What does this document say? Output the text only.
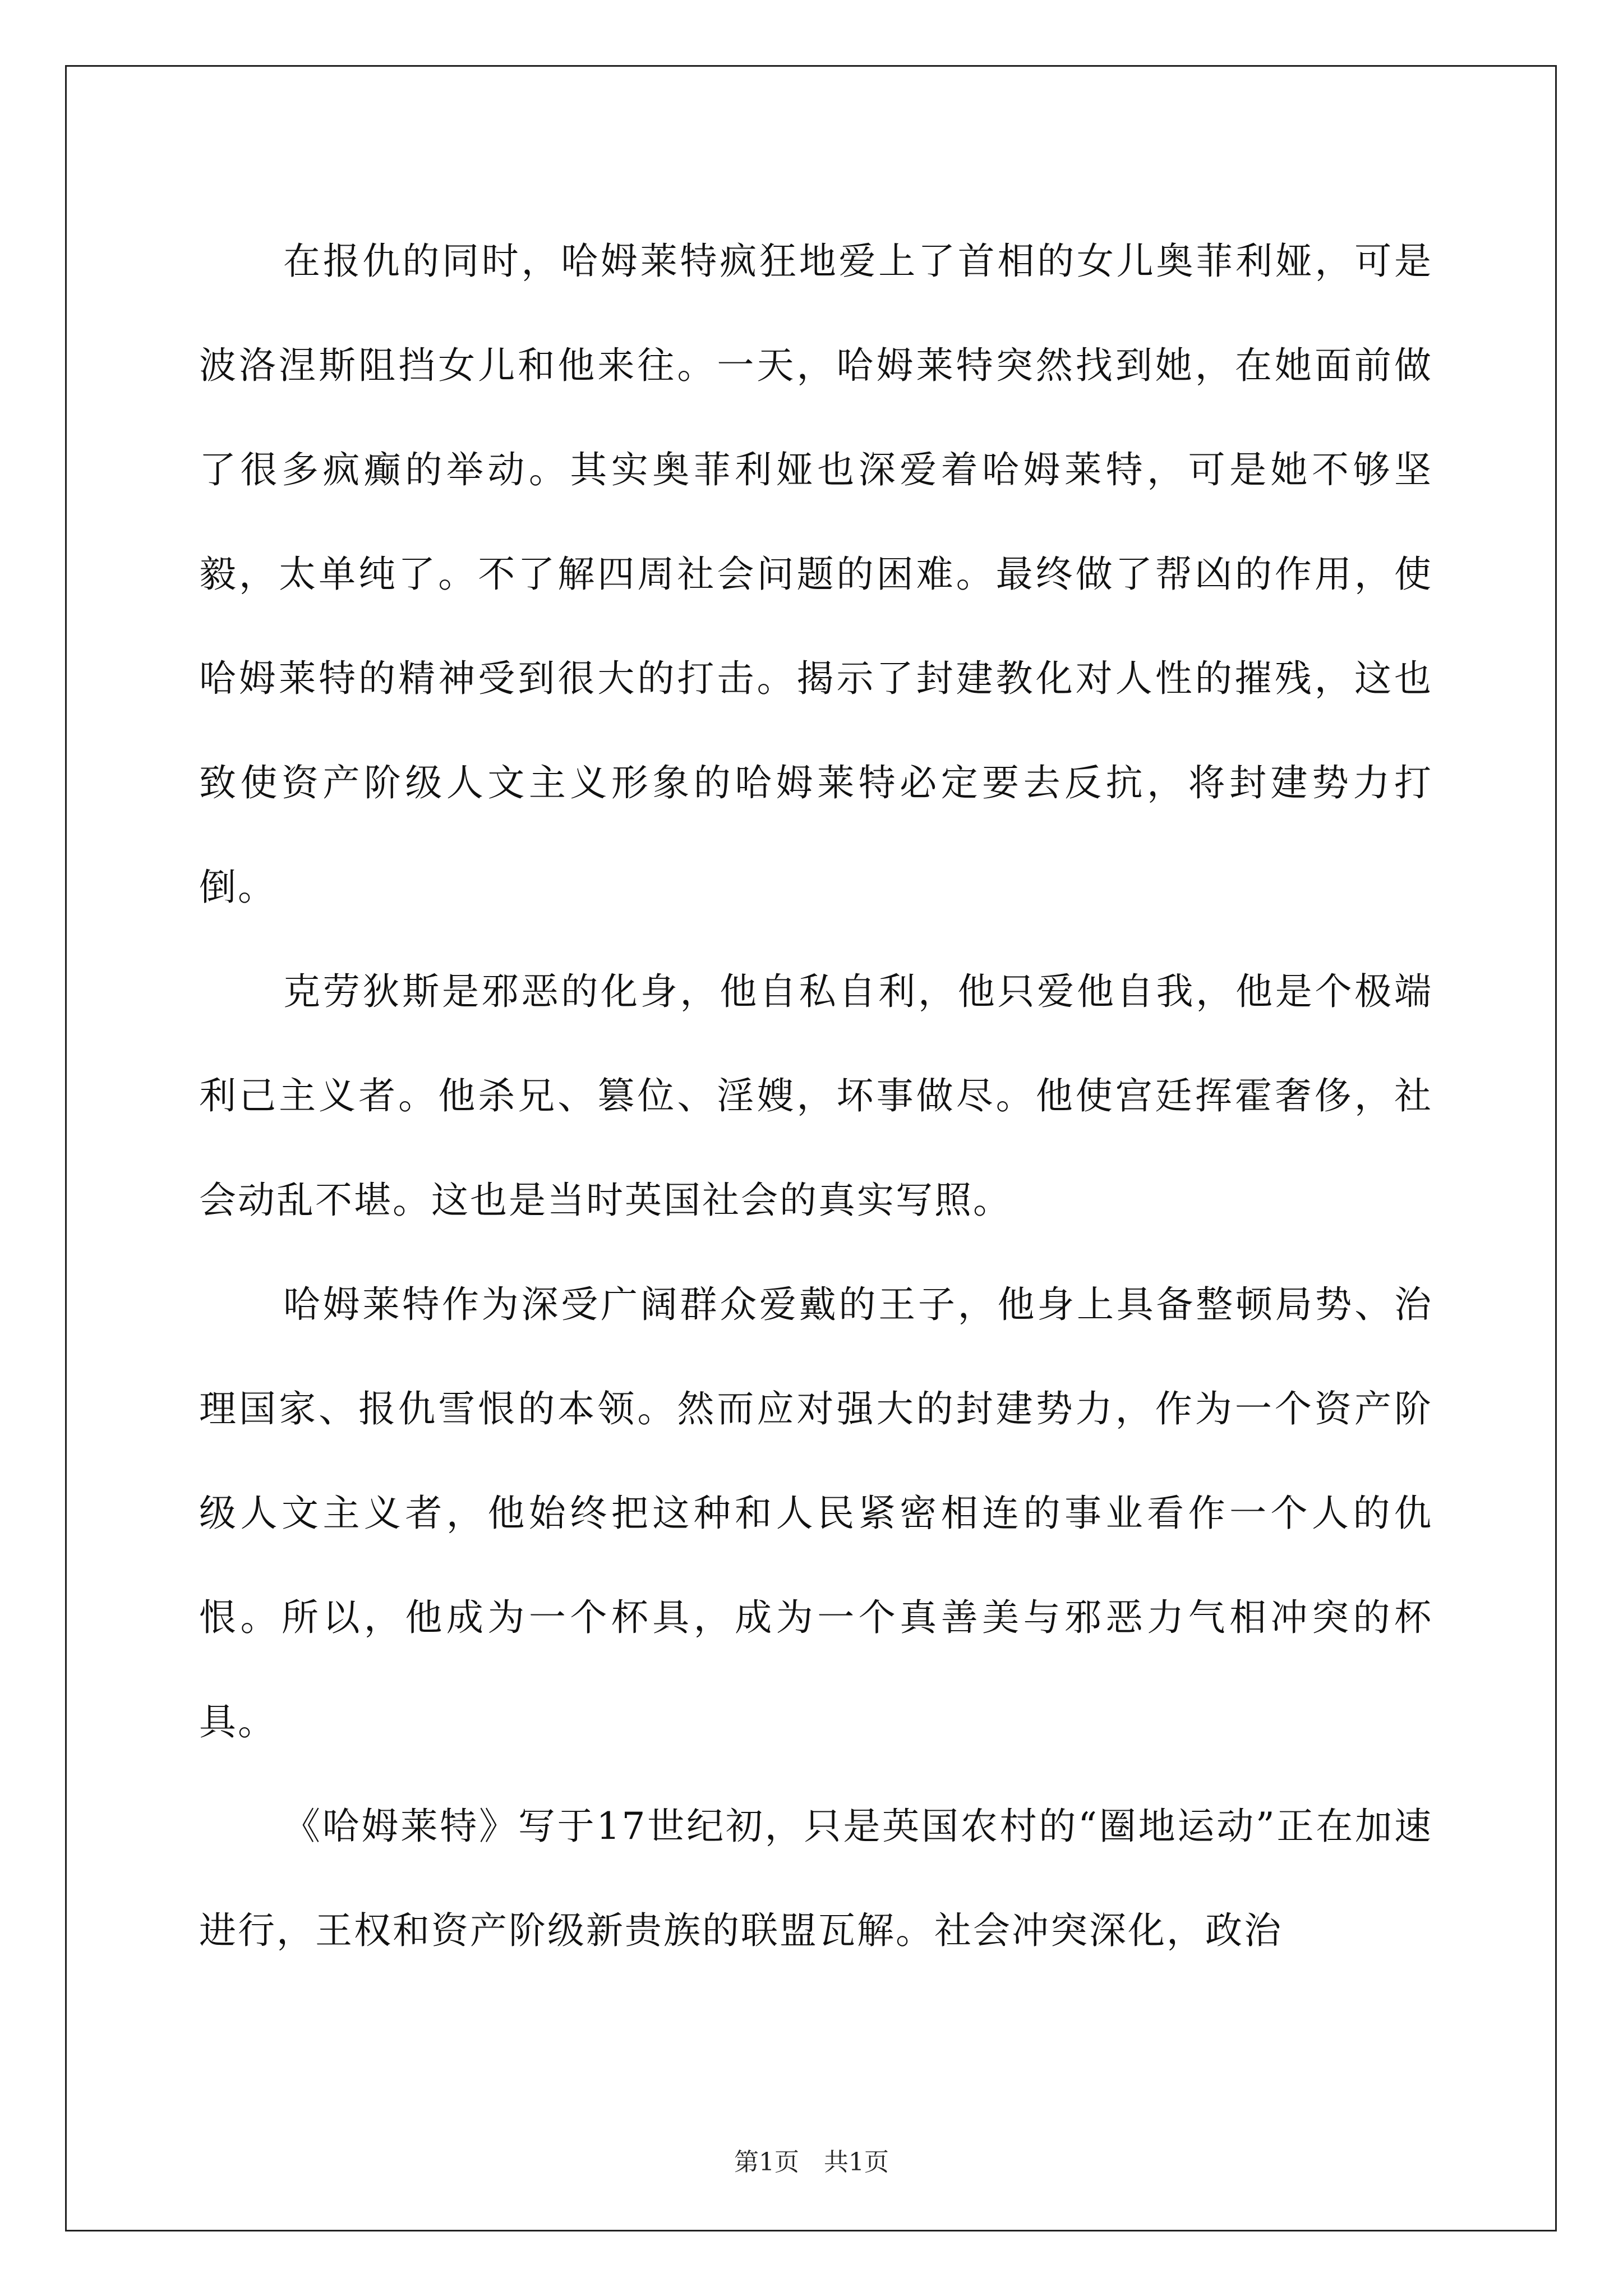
在报仇的同时，哈姆莱特疯狂地爱上了首相的女儿奥菲利娅，可是波洛涅斯阻挡女儿和他来往。一天，哈姆莱特突然找到她，在她面前做了很多疯癫的举动。其实奥菲利娅也深爱着哈姆莱特，可是她不够坚毅，太单纯了。不了解四周社会问题的困难。最终做了帮凶的作用，使哈姆莱特的精神受到很大的打击。揭示了封建教化对人性的摧残，这也致使资产阶级人文主义形象的哈姆莱特必定要去反抗，将封建势力打倒。

克劳狄斯是邪恶的化身，他自私自利，他只爱他自我，他是个极端利己主义者。他杀兄、篡位、淫嫂，坏事做尽。他使宫廷挥霍奢侈，社会动乱不堪。这也是当时英国社会的真实写照。

哈姆莱特作为深受广阔群众爱戴的王子，他身上具备整顿局势、治理国家、报仇雪恨的本领。然而应对强大的封建势力，作为一个资产阶级人文主义者，他始终把这种和人民紧密相连的事业看作一个人的仇恨。所以，他成为一个杯具，成为一个真善美与邪恶力气相冲突的杯具。

《哈姆莱特》写于17世纪初，只是英国农村的“圈地运动”正在加速进行，王权和资产阶级新贵族的联盟瓦解。社会冲突深化，政治

第1页　共1页
